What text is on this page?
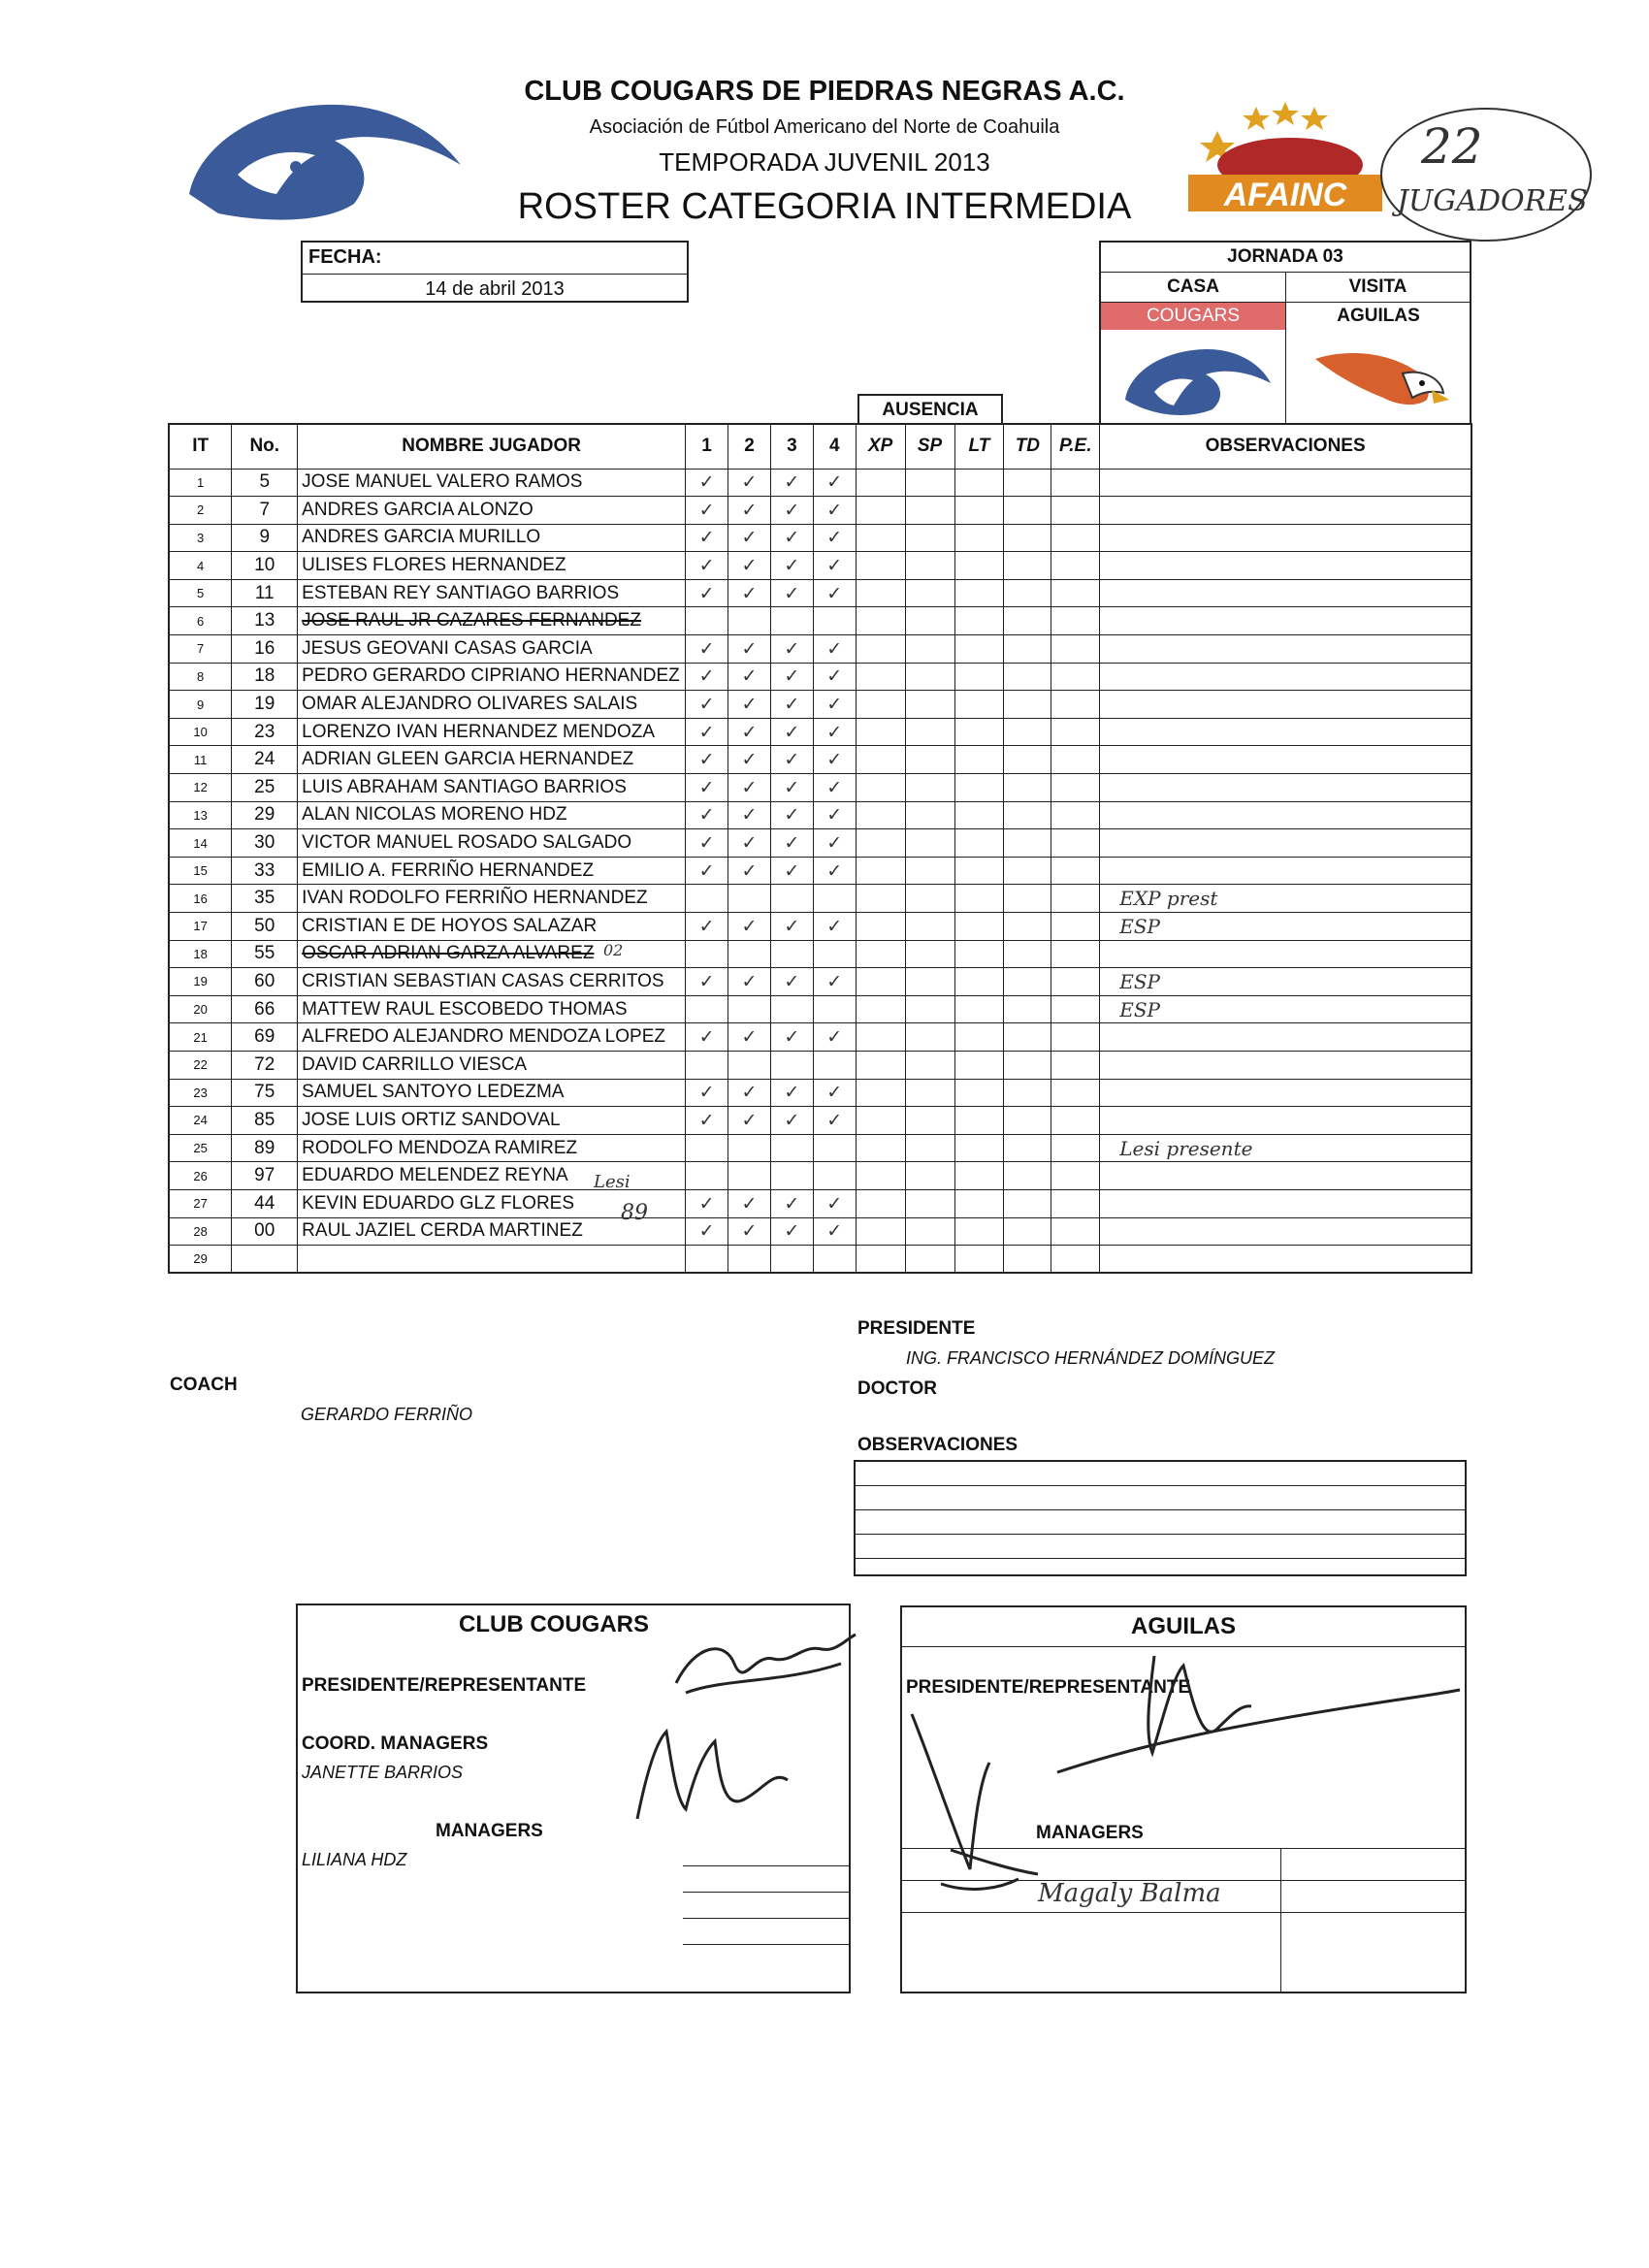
CLUB COUGARS DE PIEDRAS NEGRAS A.C.
Asociación de Fútbol Americano del Norte de Coahuila
TEMPORADA JUVENIL 2013
ROSTER CATEGORIA INTERMEDIA	AFAINC
22
JUGADORES
FECHA:
14 de abril 2013
JORNADA 03
CASA	VISITA
COUGARS	AGUILAS
AUSENCIA
IT	No.	NOMBRE JUGADOR	1	2	3	4	XP	SP	LT	TD	P.E.	OBSERVACIONES
1	5	JOSE MANUEL VALERO RAMOS	✓	✓	✓	✓						
2	7	ANDRES GARCIA ALONZO	✓	✓	✓	✓						
3	9	ANDRES GARCIA MURILLO	✓	✓	✓	✓						
4	10	ULISES FLORES HERNANDEZ	✓	✓	✓	✓						
5	11	ESTEBAN REY SANTIAGO BARRIOS	✓	✓	✓	✓						
6	13	JOSE RAUL JR CAZARES FERNANDEZ										
7	16	JESUS GEOVANI CASAS GARCIA	✓	✓	✓	✓						
8	18	PEDRO GERARDO CIPRIANO HERNANDEZ	✓	✓	✓	✓						
9	19	OMAR ALEJANDRO OLIVARES SALAIS	✓	✓	✓	✓						
10	23	LORENZO IVAN HERNANDEZ MENDOZA	✓	✓	✓	✓						
11	24	ADRIAN GLEEN GARCIA HERNANDEZ	✓	✓	✓	✓						
12	25	LUIS ABRAHAM SANTIAGO BARRIOS	✓	✓	✓	✓						
13	29	ALAN NICOLAS MORENO HDZ	✓	✓	✓	✓						
14	30	VICTOR MANUEL ROSADO SALGADO	✓	✓	✓	✓						
15	33	EMILIO A. FERRIÑO HERNANDEZ	✓	✓	✓	✓						
16	35	IVAN RODOLFO FERRIÑO HERNANDEZ										EXP prest
17	50	CRISTIAN E DE HOYOS SALAZAR	✓	✓	✓	✓						ESP
18	55	OSCAR ADRIAN GARZA ALVAREZ										
19	60	CRISTIAN SEBASTIAN CASAS CERRITOS	✓	✓	✓	✓						ESP
20	66	MATTEW RAUL ESCOBEDO THOMAS										ESP
21	69	ALFREDO ALEJANDRO MENDOZA LOPEZ	✓	✓	✓	✓						
22	72	DAVID CARRILLO VIESCA										
23	75	SAMUEL SANTOYO LEDEZMA	✓	✓	✓	✓						
24	85	JOSE LUIS ORTIZ SANDOVAL	✓	✓	✓	✓						
25	89	RODOLFO MENDOZA RAMIREZ										Lesi presente
26	97	EDUARDO MELENDEZ REYNA										
27	44	KEVIN EDUARDO GLZ FLORES	✓	✓	✓	✓						
28	00	RAUL JAZIEL CERDA MARTINEZ	✓	✓	✓	✓						
29												
02
Lesi
89
PRESIDENTE
ING. FRANCISCO HERNÁNDEZ DOMÍNGUEZ
DOCTOR
OBSERVACIONES
COACH
GERARDO FERRIÑO
CLUB COUGARS
PRESIDENTE/REPRESENTANTE
COORD. MANAGERS
JANETTE BARRIOS
MANAGERS
LILIANA HDZ
AGUILAS
PRESIDENTE/REPRESENTANTE
MANAGERS
Magaly Balma
